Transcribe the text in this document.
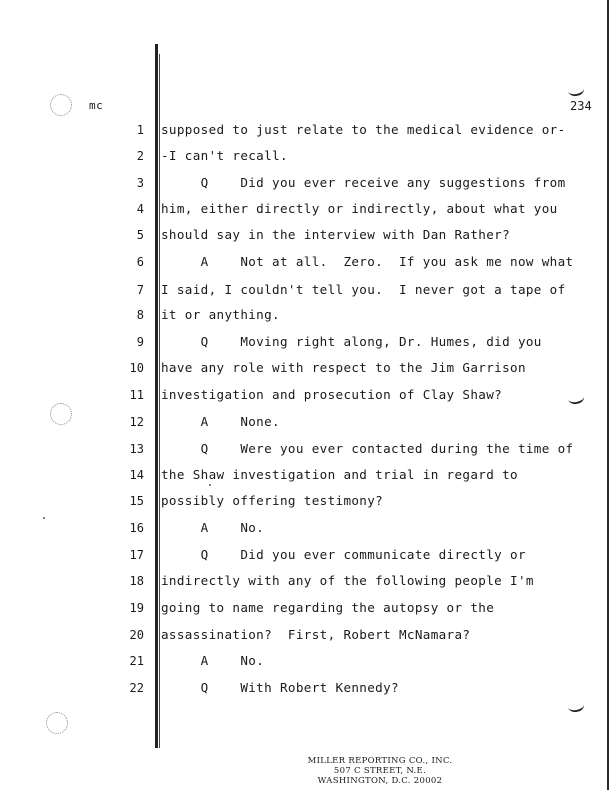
mc	234
1 supposed to just relate to the medical evidence or-
2 -I can't recall.
3 Q    Did you ever receive any suggestions from
4 him, either directly or indirectly, about what you
5 should say in the interview with Dan Rather?
6 A    Not at all.  Zero.  If you ask me now what
7 I said, I couldn't tell you.  I never got a tape of
8 it or anything.
9 Q    Moving right along, Dr. Humes, did you
10 have any role with respect to the Jim Garrison
11 investigation and prosecution of Clay Shaw?
12 A    None.
13 Q    Were you ever contacted during the time of
14 the Shaw investigation and trial in regard to
15 possibly offering testimony?
16 A    No.
17 Q    Did you ever communicate directly or
18 indirectly with any of the following people I'm
19 going to name regarding the autopsy or the
20 assassination?  First, Robert McNamara?
21 A    No.
22 Q    With Robert Kennedy?
MILLER REPORTING CO., INC.
507 C STREET, N.E.
WASHINGTON, D.C. 20002
